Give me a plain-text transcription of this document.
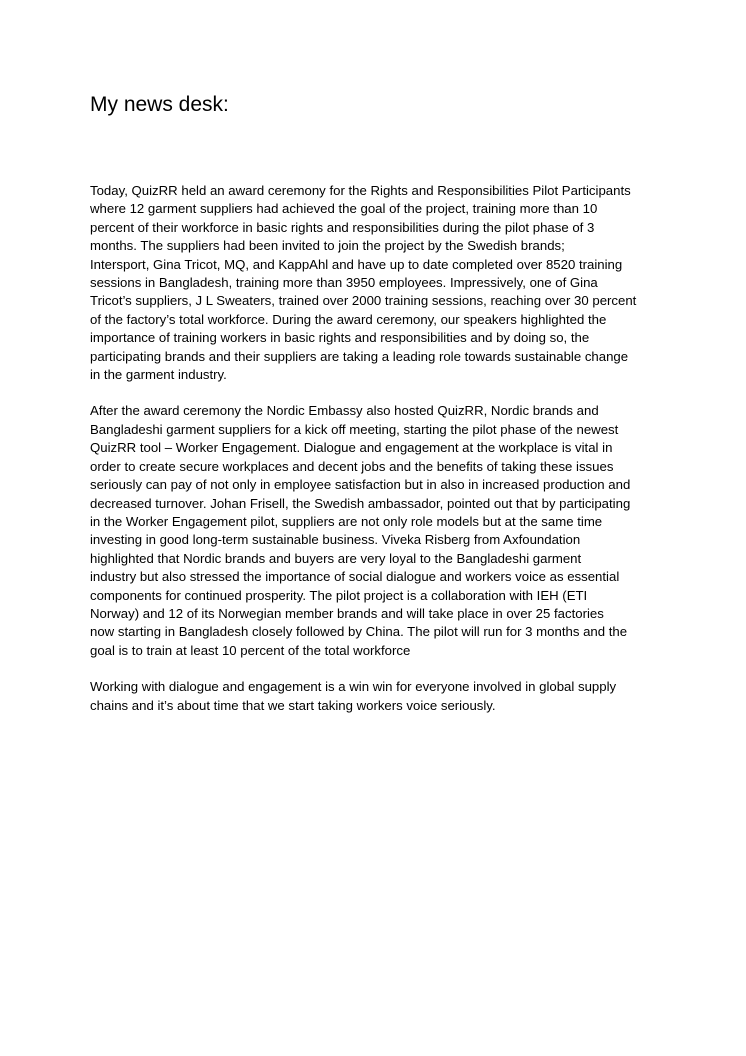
My news desk:

Today, QuizRR held an award ceremony for the Rights and Responsibilities Pilot Participants
where 12 garment suppliers had achieved the goal of the project, training more than 10
percent of their workforce in basic rights and responsibilities during the pilot phase of 3
months. The suppliers had been invited to join the project by the Swedish brands;
Intersport, Gina Tricot, MQ, and KappAhl and have up to date completed over 8520 training
sessions in Bangladesh, training more than 3950 employees. Impressively, one of Gina
Tricot’s suppliers, J L Sweaters, trained over 2000 training sessions, reaching over 30 percent
of the factory’s total workforce. During the award ceremony, our speakers highlighted the
importance of training workers in basic rights and responsibilities and by doing so, the
participating brands and their suppliers are taking a leading role towards sustainable change
in the garment industry.

After the award ceremony the Nordic Embassy also hosted QuizRR, Nordic brands and
Bangladeshi garment suppliers for a kick off meeting, starting the pilot phase of the newest
QuizRR tool – Worker Engagement. Dialogue and engagement at the workplace is vital in
order to create secure workplaces and decent jobs and the benefits of taking these issues
seriously can pay of not only in employee satisfaction but in also in increased production and
decreased turnover. Johan Frisell, the Swedish ambassador, pointed out that by participating
in the Worker Engagement pilot, suppliers are not only role models but at the same time
investing in good long-term sustainable business. Viveka Risberg from Axfoundation
highlighted that Nordic brands and buyers are very loyal to the Bangladeshi garment
industry but also stressed the importance of social dialogue and workers voice as essential
components for continued prosperity. The pilot project is a collaboration with IEH (ETI
Norway) and 12 of its Norwegian member brands and will take place in over 25 factories
now starting in Bangladesh closely followed by China. The pilot will run for 3 months and the
goal is to train at least 10 percent of the total workforce

Working with dialogue and engagement is a win win for everyone involved in global supply
chains and it’s about time that we start taking workers voice seriously.
